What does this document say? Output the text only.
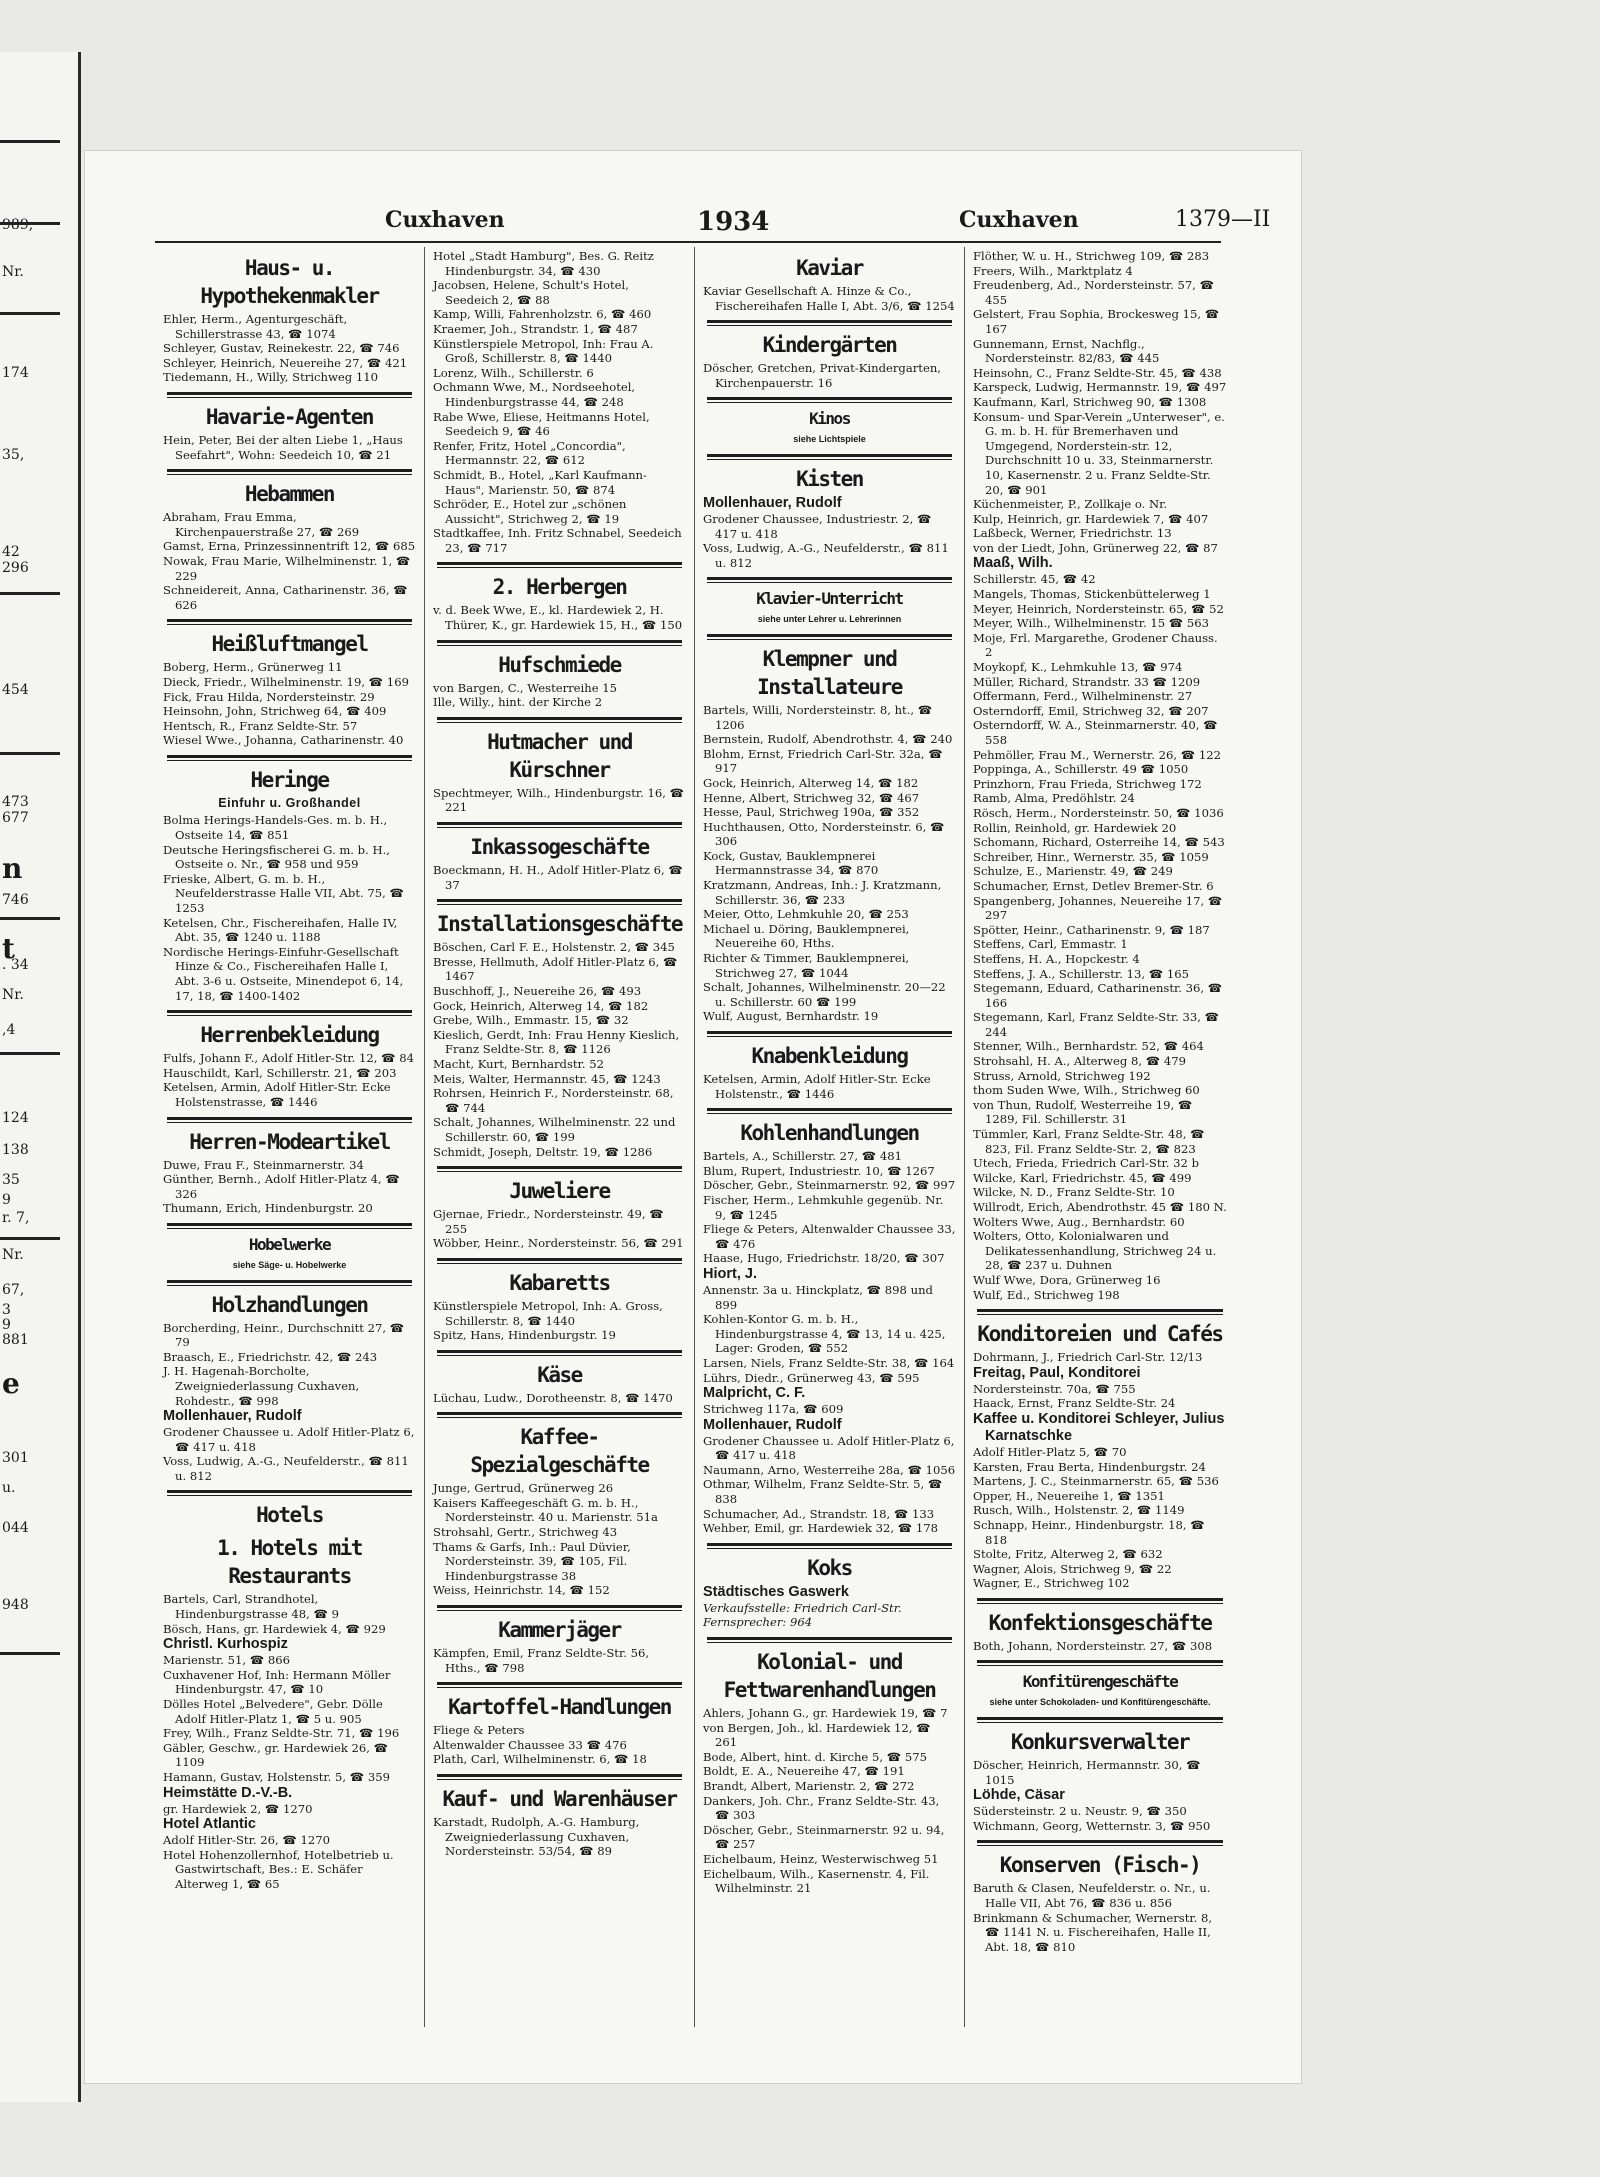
989,
Nr.
174
35,
42
296
454
473
677
n
746
t
. 34
Nr.
,4
124
138
35
9
r. 7,
Nr.
67,
3
9
881
e
301
u.
044
948
Cuxhaven	1934	Cuxhaven	1379—II
Haus- u. Hypothekenmakler

Ehler, Herm., Agenturgeschäft, Schillerstrasse 43, ☎ 1074

Schleyer, Gustav, Reinekestr. 22, ☎ 746

Schleyer, Heinrich, Neuereihe 27, ☎ 421

Tiedemann, H., Willy, Strichweg 110

Havarie-Agenten

Hein, Peter, Bei der alten Liebe 1, „Haus Seefahrt", Wohn: Seedeich 10, ☎ 21

Hebammen

Abraham, Frau Emma, Kirchenpauerstraße 27, ☎ 269

Gamst, Erna, Prinzessinnentrift 12, ☎ 685

Nowak, Frau Marie, Wilhelminenstr. 1, ☎ 229

Schneidereit, Anna, Catharinenstr. 36, ☎ 626

Heißluftmangel

Boberg, Herm., Grünerweg 11

Dieck, Friedr., Wilhelminenstr. 19, ☎ 169

Fick, Frau Hilda, Nordersteinstr. 29

Heinsohn, John, Strichweg 64, ☎ 409

Hentsch, R., Franz Seldte-Str. 57

Wiesel Wwe., Johanna, Catharinenstr. 40

Heringe
Einfuhr u. Großhandel

Bolma Herings-Handels-Ges. m. b. H., Ostseite 14, ☎ 851

Deutsche Heringsfischerei G. m. b. H., Ostseite o. Nr., ☎ 958 und 959

Frieske, Albert, G. m. b. H., Neufelderstrasse Halle VII, Abt. 75, ☎ 1253

Ketelsen, Chr., Fischereihafen, Halle IV, Abt. 35, ☎ 1240 u. 1188

Nordische Herings-Einfuhr-Gesellschaft Hinze & Co., Fischereihafen Halle I, Abt. 3-6 u. Ostseite, Minendepot 6, 14, 17, 18, ☎ 1400-1402

Herrenbekleidung

Fulfs, Johann F., Adolf Hitler-Str. 12, ☎ 84

Hauschildt, Karl, Schillerstr. 21, ☎ 203

Ketelsen, Armin, Adolf Hitler-Str. Ecke Holstenstrasse, ☎ 1446

Herren-Modeartikel

Duwe, Frau F., Steinmarnerstr. 34

Günther, Bernh., Adolf Hitler-Platz 4, ☎ 326

Thumann, Erich, Hindenburgstr. 20

Hobelwerke
siehe Säge- u. Hobelwerke
Holzhandlungen

Borcherding, Heinr., Durchschnitt 27, ☎ 79

Braasch, E., Friedrichstr. 42, ☎ 243

J. H. Hagenah-Borcholte, Zweigniederlassung Cuxhaven, Rohdestr., ☎ 998

Mollenhauer, Rudolf

Grodener Chaussee u. Adolf Hitler-Platz 6, ☎ 417 u. 418

Voss, Ludwig, A.-G., Neufelderstr., ☎ 811 u. 812

Hotels
1. Hotels mit Restaurants

Bartels, Carl, Strandhotel, Hindenburgstrasse 48, ☎ 9

Bösch, Hans, gr. Hardewiek 4, ☎ 929

Christl. Kurhospiz

Marienstr. 51, ☎ 866

Cuxhavener Hof, Inh: Hermann Möller Hindenburgstr. 47, ☎ 10

Dölles Hotel „Belvedere", Gebr. Dölle Adolf Hitler-Platz 1, ☎ 5 u. 905

Frey, Wilh., Franz Seldte-Str. 71, ☎ 196

Gäbler, Geschw., gr. Hardewiek 26, ☎ 1109

Hamann, Gustav, Holstenstr. 5, ☎ 359

Heimstätte D.-V.-B.

gr. Hardewiek 2, ☎ 1270

Hotel Atlantic

Adolf Hitler-Str. 26, ☎ 1270

Hotel Hohenzollernhof, Hotelbetrieb u. Gastwirtschaft, Bes.: E. Schäfer Alterweg 1, ☎ 65

Hotel „Stadt Hamburg", Bes. G. Reitz Hindenburgstr. 34, ☎ 430

Jacobsen, Helene, Schult's Hotel, Seedeich 2, ☎ 88

Kamp, Willi, Fahrenholzstr. 6, ☎ 460

Kraemer, Joh., Strandstr. 1, ☎ 487

Künstlerspiele Metropol, Inh: Frau A. Groß, Schillerstr. 8, ☎ 1440

Lorenz, Wilh., Schillerstr. 6

Ochmann Wwe, M., Nordseehotel, Hindenburgstrasse 44, ☎ 248

Rabe Wwe, Eliese, Heitmanns Hotel, Seedeich 9, ☎ 46

Renfer, Fritz, Hotel „Concordia", Hermannstr. 22, ☎ 612

Schmidt, B., Hotel, „Karl Kaufmann-Haus", Marienstr. 50, ☎ 874

Schröder, E., Hotel zur „schönen Aussicht", Strichweg 2, ☎ 19

Stadtkaffee, Inh. Fritz Schnabel, Seedeich 23, ☎ 717

2. Herbergen

v. d. Beek Wwe, E., kl. Hardewiek 2, H. Thürer, K., gr. Hardewiek 15, H., ☎ 150

Hufschmiede

von Bargen, C., Westerreihe 15

Ille, Willy., hint. der Kirche 2

Hutmacher und Kürschner

Spechtmeyer, Wilh., Hindenburgstr. 16, ☎ 221

Inkassogeschäfte

Boeckmann, H. H., Adolf Hitler-Platz 6, ☎ 37

Installationsgeschäfte

Böschen, Carl F. E., Holstenstr. 2, ☎ 345

Bresse, Hellmuth, Adolf Hitler-Platz 6, ☎ 1467

Buschhoff, J., Neuereihe 26, ☎ 493

Gock, Heinrich, Alterweg 14, ☎ 182

Grebe, Wilh., Emmastr. 15, ☎ 32

Kieslich, Gerdt, Inh: Frau Henny Kieslich, Franz Seldte-Str. 8, ☎ 1126

Macht, Kurt, Bernhardstr. 52

Meis, Walter, Hermannstr. 45, ☎ 1243

Rohrsen, Heinrich F., Nordersteinstr. 68, ☎ 744

Schalt, Johannes, Wilhelminenstr. 22 und Schillerstr. 60, ☎ 199

Schmidt, Joseph, Deltstr. 19, ☎ 1286

Juweliere

Gjernae, Friedr., Nordersteinstr. 49, ☎ 255

Wöbber, Heinr., Nordersteinstr. 56, ☎ 291

Kabaretts

Künstlerspiele Metropol, Inh: A. Gross, Schillerstr. 8, ☎ 1440

Spitz, Hans, Hindenburgstr. 19

Käse

Lüchau, Ludw., Dorotheenstr. 8, ☎ 1470

Kaffee-Spezialgeschäfte

Junge, Gertrud, Grünerweg 26

Kaisers Kaffeegeschäft G. m. b. H., Nordersteinstr. 40 u. Marienstr. 51a

Strohsahl, Gertr., Strichweg 43

Thams & Garfs, Inh.: Paul Düvier, Nordersteinstr. 39, ☎ 105, Fil. Hindenburgstrasse 38

Weiss, Heinrichstr. 14, ☎ 152

Kammerjäger

Kämpfen, Emil, Franz Seldte-Str. 56, Hths., ☎ 798

Kartoffel-Handlungen

Fliege & Peters

Altenwalder Chaussee 33 ☎ 476

Plath, Carl, Wilhelminenstr. 6, ☎ 18

Kauf- und Warenhäuser

Karstadt, Rudolph, A.-G. Hamburg, Zweigniederlassung Cuxhaven, Nordersteinstr. 53/54, ☎ 89

Kaviar

Kaviar Gesellschaft A. Hinze & Co., Fischereihafen Halle I, Abt. 3/6, ☎ 1254

Kindergärten

Döscher, Gretchen, Privat-Kindergarten, Kirchenpauerstr. 16

Kinos
siehe Lichtspiele
Kisten

Mollenhauer, Rudolf

Grodener Chaussee, Industriestr. 2, ☎ 417 u. 418

Voss, Ludwig, A.-G., Neufelderstr., ☎ 811 u. 812

Klavier-Unterricht
siehe unter Lehrer u. Lehrerinnen
Klempner und Installateure

Bartels, Willi, Nordersteinstr. 8, ht., ☎ 1206

Bernstein, Rudolf, Abendrothstr. 4, ☎ 240

Blohm, Ernst, Friedrich Carl-Str. 32a, ☎ 917

Gock, Heinrich, Alterweg 14, ☎ 182

Henne, Albert, Strichweg 32, ☎ 467

Hesse, Paul, Strichweg 190a, ☎ 352

Huchthausen, Otto, Nordersteinstr. 6, ☎ 306

Kock, Gustav, Bauklempnerei Hermannstrasse 34, ☎ 870

Kratzmann, Andreas, Inh.: J. Kratzmann, Schillerstr. 36, ☎ 233

Meier, Otto, Lehmkuhle 20, ☎ 253

Michael u. Döring, Bauklempnerei, Neuereihe 60, Hths.

Richter & Timmer, Bauklempnerei, Strichweg 27, ☎ 1044

Schalt, Johannes, Wilhelminenstr. 20—22 u. Schillerstr. 60 ☎ 199

Wulf, August, Bernhardstr. 19

Knabenkleidung

Ketelsen, Armin, Adolf Hitler-Str. Ecke Holstenstr., ☎ 1446

Kohlenhandlungen

Bartels, A., Schillerstr. 27, ☎ 481

Blum, Rupert, Industriestr. 10, ☎ 1267

Döscher, Gebr., Steinmarnerstr. 92, ☎ 997

Fischer, Herm., Lehmkuhle gegenüb. Nr. 9, ☎ 1245

Fliege & Peters, Altenwalder Chaussee 33, ☎ 476

Haase, Hugo, Friedrichstr. 18/20, ☎ 307

Hiort, J.

Annenstr. 3a u. Hinckplatz, ☎ 898 und 899

Kohlen-Kontor G. m. b. H., Hindenburgstrasse 4, ☎ 13, 14 u. 425, Lager: Groden, ☎ 552

Larsen, Niels, Franz Seldte-Str. 38, ☎ 164

Lührs, Diedr., Grünerweg 43, ☎ 595

Malpricht, C. F.

Strichweg 117a, ☎ 609

Mollenhauer, Rudolf

Grodener Chaussee u. Adolf Hitler-Platz 6, ☎ 417 u. 418

Naumann, Arno, Westerreihe 28a, ☎ 1056

Othmar, Wilhelm, Franz Seldte-Str. 5, ☎ 838

Schumacher, Ad., Strandstr. 18, ☎ 133

Wehber, Emil, gr. Hardewiek 32, ☎ 178

Koks

Städtisches Gaswerk

Verkaufsstelle: Friedrich Carl-Str.

Fernsprecher: 964

Kolonial- und Fettwarenhandlungen

Ahlers, Johann G., gr. Hardewiek 19, ☎ 7

von Bergen, Joh., kl. Hardewiek 12, ☎ 261

Bode, Albert, hint. d. Kirche 5, ☎ 575

Boldt, E. A., Neuereihe 47, ☎ 191

Brandt, Albert, Marienstr. 2, ☎ 272

Dankers, Joh. Chr., Franz Seldte-Str. 43, ☎ 303

Döscher, Gebr., Steinmarnerstr. 92 u. 94, ☎ 257

Eichelbaum, Heinz, Westerwischweg 51

Eichelbaum, Wilh., Kasernenstr. 4, Fil. Wilhelminstr. 21

Flöther, W. u. H., Strichweg 109, ☎ 283

Freers, Wilh., Marktplatz 4

Freudenberg, Ad., Nordersteinstr. 57, ☎ 455

Gelstert, Frau Sophia, Brockesweg 15, ☎ 167

Gunnemann, Ernst, Nachflg., Nordersteinstr. 82/83, ☎ 445

Heinsohn, C., Franz Seldte-Str. 45, ☎ 438

Karspeck, Ludwig, Hermannstr. 19, ☎ 497

Kaufmann, Karl, Strichweg 90, ☎ 1308

Konsum- und Spar-Verein „Unterweser", e. G. m. b. H. für Bremerhaven und Umgegend, Norderstein-str. 12, Durchschnitt 10 u. 33, Steinmarnerstr. 10, Kasernenstr. 2 u. Franz Seldte-Str. 20, ☎ 901

Küchenmeister, P., Zollkaje o. Nr.

Kulp, Heinrich, gr. Hardewiek 7, ☎ 407

Laßbeck, Werner, Friedrichstr. 13

von der Liedt, John, Grünerweg 22, ☎ 87

Maaß, Wilh.

Schillerstr. 45, ☎ 42

Mangels, Thomas, Stickenbüttelerweg 1

Meyer, Heinrich, Nordersteinstr. 65, ☎ 52

Meyer, Wilh., Wilhelminenstr. 15 ☎ 563

Moje, Frl. Margarethe, Grodener Chauss. 2

Moykopf, K., Lehmkuhle 13, ☎ 974

Müller, Richard, Strandstr. 33 ☎ 1209

Offermann, Ferd., Wilhelminenstr. 27

Osterndorff, Emil, Strichweg 32, ☎ 207

Osterndorff, W. A., Steinmarnerstr. 40, ☎ 558

Pehmöller, Frau M., Wernerstr. 26, ☎ 122

Poppinga, A., Schillerstr. 49 ☎ 1050

Prinzhorn, Frau Frieda, Strichweg 172

Ramb, Alma, Predöhlstr. 24

Rösch, Herm., Nordersteinstr. 50, ☎ 1036

Rollin, Reinhold, gr. Hardewiek 20

Schomann, Richard, Osterreihe 14, ☎ 543

Schreiber, Hinr., Wernerstr. 35, ☎ 1059

Schulze, E., Marienstr. 49, ☎ 249

Schumacher, Ernst, Detlev Bremer-Str. 6

Spangenberg, Johannes, Neuereihe 17, ☎ 297

Spötter, Heinr., Catharinenstr. 9, ☎ 187

Steffens, Carl, Emmastr. 1

Steffens, H. A., Hopckestr. 4

Steffens, J. A., Schillerstr. 13, ☎ 165

Stegemann, Eduard, Catharinenstr. 36, ☎ 166

Stegemann, Karl, Franz Seldte-Str. 33, ☎ 244

Stenner, Wilh., Bernhardstr. 52, ☎ 464

Strohsahl, H. A., Alterweg 8, ☎ 479

Struss, Arnold, Strichweg 192

thom Suden Wwe, Wilh., Strichweg 60

von Thun, Rudolf, Westerreihe 19, ☎ 1289, Fil. Schillerstr. 31

Tümmler, Karl, Franz Seldte-Str. 48, ☎ 823, Fil. Franz Seldte-Str. 2, ☎ 823

Utech, Frieda, Friedrich Carl-Str. 32 b

Wilcke, Karl, Friedrichstr. 45, ☎ 499

Wilcke, N. D., Franz Seldte-Str. 10

Willrodt, Erich, Abendrothstr. 45 ☎ 180 N.

Wolters Wwe, Aug., Bernhardstr. 60

Wolters, Otto, Kolonialwaren und Delikatessenhandlung, Strichweg 24 u. 28, ☎ 237 u. Duhnen

Wulf Wwe, Dora, Grünerweg 16

Wulf, Ed., Strichweg 198

Konditoreien und Cafés

Dohrmann, J., Friedrich Carl-Str. 12/13

Freitag, Paul, Konditorei

Nordersteinstr. 70a, ☎ 755

Haack, Ernst, Franz Seldte-Str. 24

Kaffee u. Konditorei Schleyer, Julius Karnatschke

Adolf Hitler-Platz 5, ☎ 70

Karsten, Frau Berta, Hindenburgstr. 24

Martens, J. C., Steinmarnerstr. 65, ☎ 536

Opper, H., Neuereihe 1, ☎ 1351

Rusch, Wilh., Holstenstr. 2, ☎ 1149

Schnapp, Heinr., Hindenburgstr. 18, ☎ 818

Stolte, Fritz, Alterweg 2, ☎ 632

Wagner, Alois, Strichweg 9, ☎ 22

Wagner, E., Strichweg 102

Konfektionsgeschäfte

Both, Johann, Nordersteinstr. 27, ☎ 308

Konfitürengeschäfte
siehe unter Schokoladen- und Konfitürengeschäfte.
Konkursverwalter

Döscher, Heinrich, Hermannstr. 30, ☎ 1015

Löhde, Cäsar

Südersteinstr. 2 u. Neustr. 9, ☎ 350

Wichmann, Georg, Wetternstr. 3, ☎ 950

Konserven (Fisch-)

Baruth & Clasen, Neufelderstr. o. Nr., u. Halle VII, Abt 76, ☎ 836 u. 856

Brinkmann & Schumacher, Wernerstr. 8, ☎ 1141 N. u. Fischereihafen, Halle II, Abt. 18, ☎ 810
